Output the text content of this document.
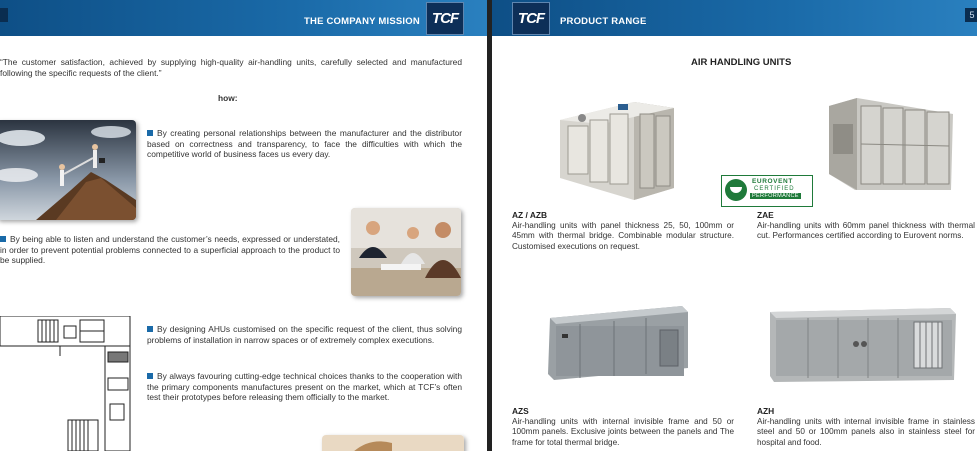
THE COMPANY MISSION TCF
“The customer satisfaction, achieved by supplying high-quality air-handling units, carefully selected and manufactured following the specific requests of the client.”
how:
By creating personal relationships between the manufacturer and the distributor based on correctness and transparency, to face the difficulties with which the competitive world of business faces us every day.
By being able to listen and understand the customer’s needs, expressed or understated, in order to prevent potential problems connected to a superficial approach to the product to be supplied.
By designing AHUs customised on the specific request of the client, thus solving problems of installation in narrow spaces or of extremely complex executions.
By always favouring cutting-edge technical choices thanks to the cooperation with the primary components manufactures present on the market, which at TCF’s often test their prototypes before releasing them officially to the market.
TCF	PRODUCT RANGE
5
AIR HANDLING UNITS
AZ / AZB
Air-handling units with panel thickness 25, 50, 100mm or 45mm with thermal bridge. Combinable modular structure. Customised executions on request.
EUROVENT
CERTIFIED
PERFORMANCE
ZAE
Air-handling units with 60mm panel thickness with thermal cut. Performances certified according to Eurovent norms.
AZS
Air-handling units with internal invisible frame and 50 or 100mm panels. Exclusive joints between the panels and The frame for total thermal bridge.
AZH
Air-handling units with internal invisible frame in stainless steel and 50 or 100mm panels also in stainless steel for hospital and food.
